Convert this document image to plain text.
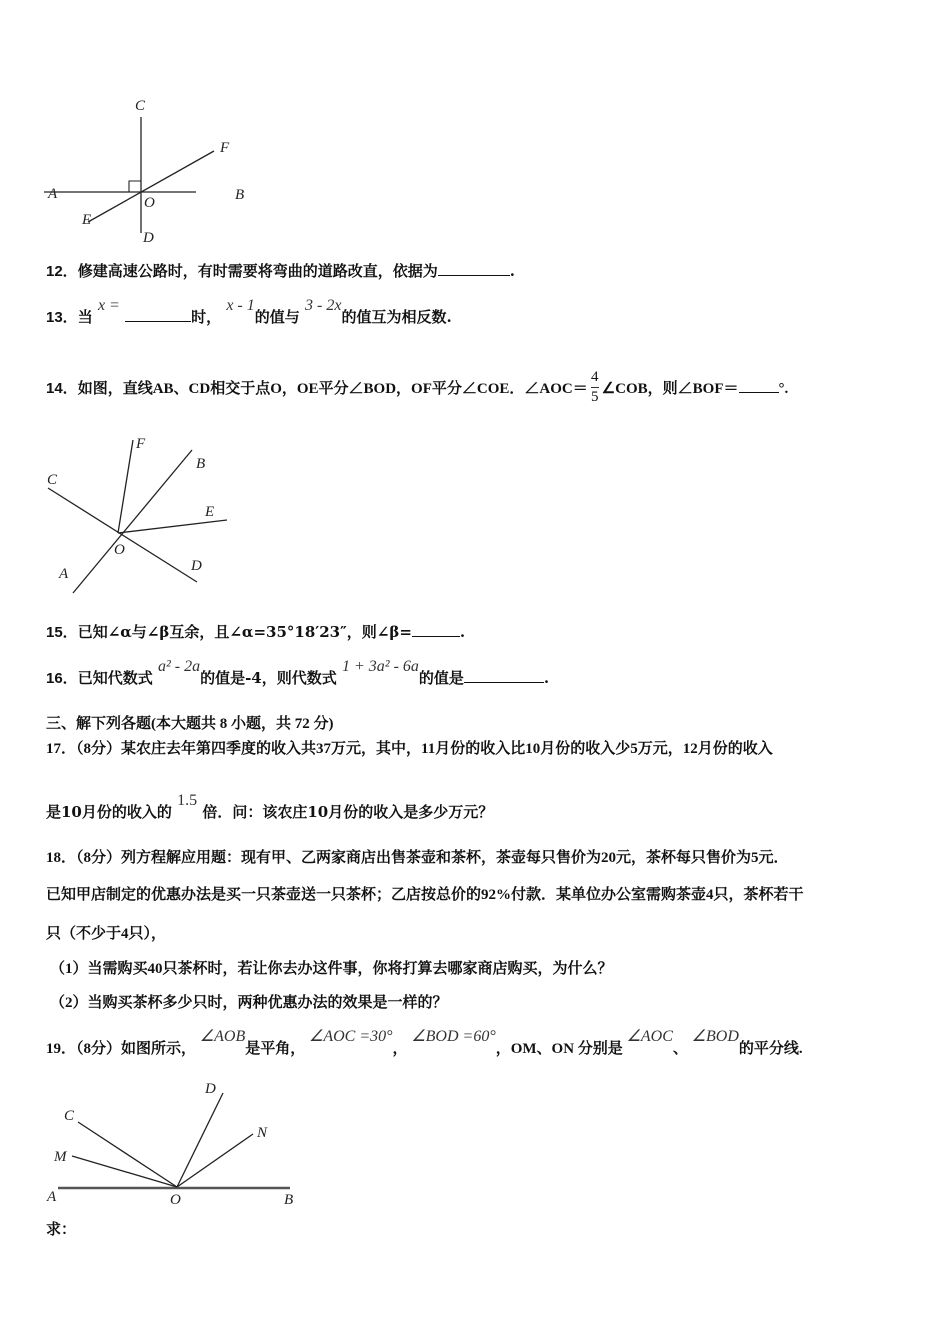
C
F
A	B
O
E
D
12．修建高速公路时，有时需要将弯曲的道路改直，依据为	.
13．当 x = 时， x - 1的值与 3 - 2x的值互为相反数.
14．如图，直线AB、CD相交于点O，OE平分∠BOD，OF平分∠COE．∠AOC＝ $\frac{4}{5}$ ∠COB，则∠BOF＝	°.
F
B
C
E
O
D
A
15．已知∠α与∠β互余，且∠α=35°18′23″，则∠β=	.
16．已知代数式 a² - 2a的值是-4，则代数式 1 + 3a² - 6a的值是	.
三、解下列各题(本大题共 8 小题，共 72 分)
17．（8分）某农庄去年第四季度的收入共37万元，其中，11月份的收入比10月份的收入少5万元，12月份的收入
是10月份的收入的 1.5 倍．问：该农庄10月份的收入是多少万元？
18．（8分）列方程解应用题：现有甲、乙两家商店出售茶壶和茶杯，茶壶每只售价为20元，茶杯每只售价为5元．
已知甲店制定的优惠办法是买一只茶壶送一只茶杯；乙店按总价的92%付款．某单位办公室需购茶壶4只，茶杯若干
只（不少于4只），
（1）当需购买40只茶杯时，若让你去办这件事，你将打算去哪家商店购买，为什么？
（2）当购买茶杯多少只时，两种优惠办法的效果是一样的？
19．（8分）如图所示， ∠AOB是平角， ∠AOC =30°， ∠BOD =60°，OM、ON 分别是 ∠AOC、 ∠BOD的平分线.
D
C
N
M
A	O	B
求：
